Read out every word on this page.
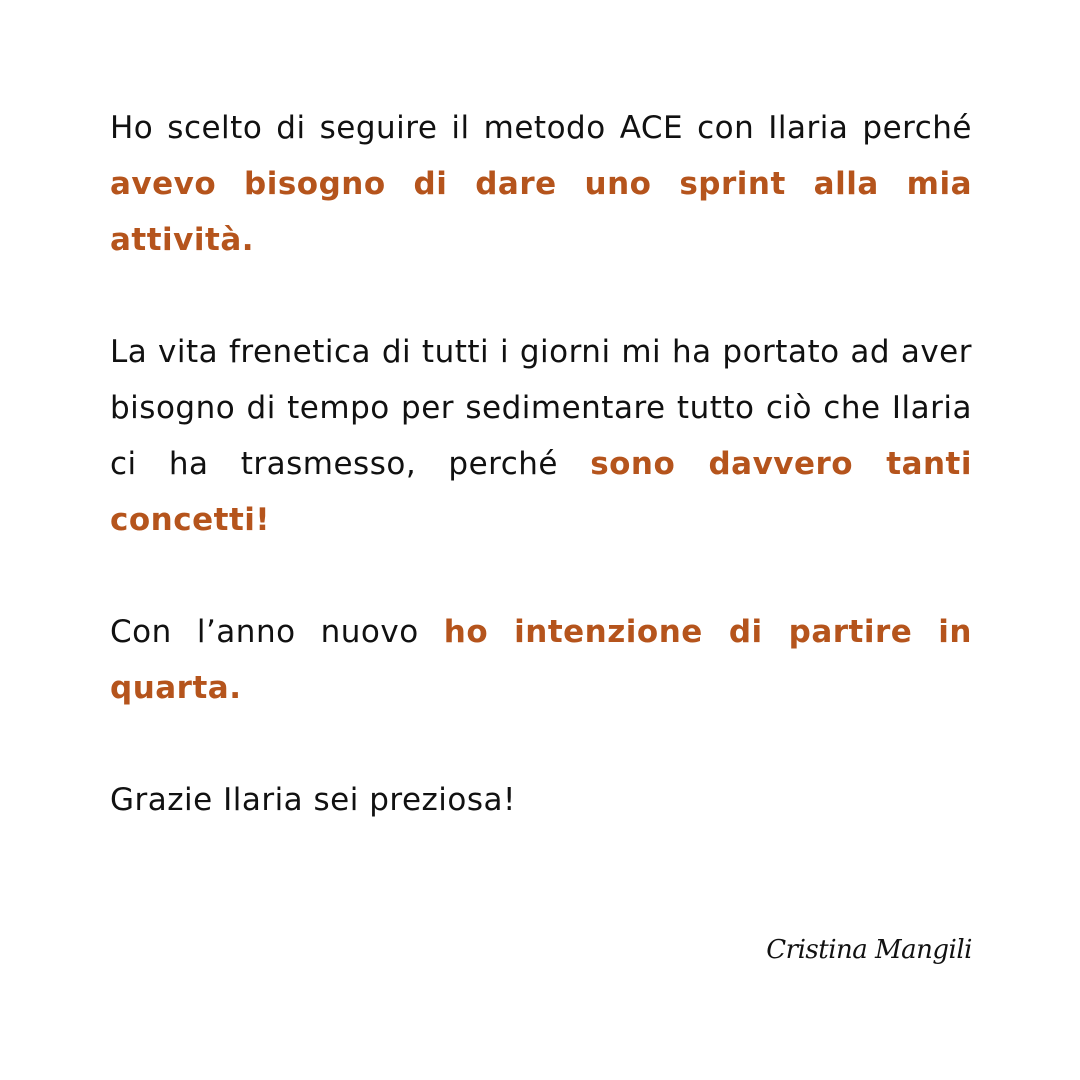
Ho scelto di seguire il metodo ACE con Ilaria perché avevo bisogno di dare uno sprint alla mia attività.

La vita frenetica di tutti i giorni mi ha portato ad aver bisogno di tempo per sedimentare tutto ciò che Ilaria ci ha trasmesso, perché sono davvero tanti concetti!

Con l’anno nuovo ho intenzione di partire in quarta.

Grazie Ilaria sei preziosa!

Cristina Mangili
